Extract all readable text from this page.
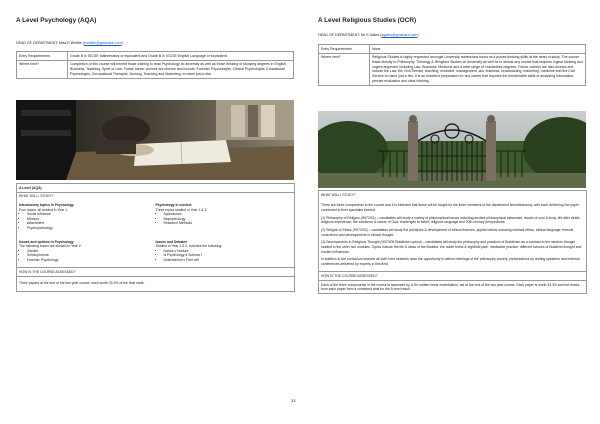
A Level Psychology (AQA)
HEAD OF DEPARTMENT: Miss E Whittle (ewhittle@gmshare.com)
Entry Requirements	Grade B in IGCSE Mathematics or equivalent and Grade B in IGCSE English Language or equivalent.
Where next?	Completion of this course will benefit those wishing to read Psychology at university as well as those thinking of studying degrees in English, Business, Teaching, Sport or Law. Future career choices are diverse and include: Forensic Psychologist, Clinical Psychologist, Educational Psychologist, Occupational Therapist, Nursing, Teaching and Marketing, to name just a few.
A Level (AQA)

WHAT WILL I STUDY?

Introductory topics in Psychology
Four topics, all studied in Year 1:
• Social Influence
• Memory
• Attachment
• Psychopathology
Psychology in context
Three topics studied in Year 1 & 2:
• Approaches
• Biopsychology
• Research Methods
Issues and options in Psychology
The following topics are studied in Year 2:
• Gender
• Schizophrenia
• Forensic Psychology
Issues and Debates
Studied in Year 1 & 2, includes the following:
• Nature v Nurture
• Is Psychology a Science?
• Determinism v Free will
HOW IS THE COURSE ASSESSED?
Three papers at the end of the two year course, each worth 33.3% of the final mark.
A Level Religious Studies (OCR)
HEAD OF DEPARTMENT: Mr S Gates (sgates@gmshare.com)
Entry Requirements	None.
Where next?	Religious Studies is highly respected amongst University admissions tutors as it places thinking skills at the heart of study. The course leads directly to Philosophy, Theology & Religious Studies at University as well as to almost any course that requires logical thinking and cogent argument including Law, Business, Medicine and a wide range of Humanities degrees. Future careers are also diverse and include the Law, the Civil Service, teaching, medicine, management, law, business, broadcasting, marketing, medicine and the Civil Service to name just a few. It is an excellent preparation for any career that requires the transferable skills of analysing information, precise evaluation and clear thinking.

WHAT WILL I STUDY?

There are three components to the course and it is intended that these will be taught by the three members of the department simultaneously, with each delivering the paper connected to their specialist interest.

(1) Philosophy of Religion (H573/01) – candidates will study a variety of philosophical issues including ancient philosophical influences; issues of soul & body; life after death; religious experience; the existence & nature of God; challenges to belief; religious language and 20th century perspectives.

(2) Religion & Ethics (H573/02) – candidates will study the principles & development of ethical theories, applied ethics including medical ethics, ethical language, freewill, conscience and developments in ethical thought.

(3) Developments in Religious Thought (H573/05 Buddhism option) – candidates will study the philosophy and practices of Buddhism as a contrast to the western thought studied in the other two modules. Topics include the life & ideas of the Buddha, the noble truths & eightfold path, meditative practice, different schools of Buddhist thought and modern influences.

In addition to the curriculum lessons all sixth form students have the opportunity to attend meetings of the philosophy society, presentations by visiting speakers and external conferences delivered by experts in this field.

HOW IS THE COURSE ASSESSED?
Each of the three components in the course is assessed by a 2hr written linear examination, sat at the end of the two year course. Each paper is worth 33.3% and the marks from each paper form a combined total for the A level result.
33
